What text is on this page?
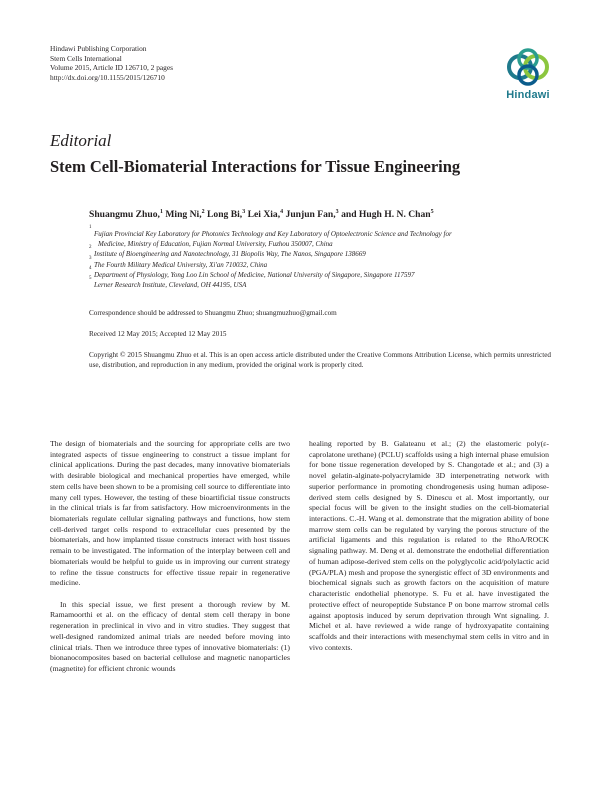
Hindawi Publishing Corporation
Stem Cells International
Volume 2015, Article ID 126710, 2 pages
http://dx.doi.org/10.1155/2015/126710
Hindawi
Editorial
Stem Cell-Biomaterial Interactions for Tissue Engineering
Shuangmu Zhuo,$^1$ Ming Ni,$^2$ Long Bi,$^3$ Lei Xia,$^4$ Junjun Fan,$^3$ and Hugh H. N. Chan$^5$
1
Fujian Provincial Key Laboratory for Photonics Technology and Key Laboratory of Optoelectronic Science and Technology for
Medicine, Ministry of Education, Fujian Normal University, Fuzhou 350007, China
2
Institute of Bioengineering and Nanotechnology, 31 Biopolis Way, The Nanos, Singapore 138669
3
The Fourth Military Medical University, Xi'an 710032, China
4
Department of Physiology, Yong Loo Lin School of Medicine, National University of Singapore, Singapore 117597
5
Lerner Research Institute, Cleveland, OH 44195, USA
Correspondence should be addressed to Shuangmu Zhuo; shuangmuzhuo@gmail.com
Received 12 May 2015; Accepted 12 May 2015
Copyright © 2015 Shuangmu Zhuo et al. This is an open access article distributed under the Creative Commons Attribution License, which permits unrestricted use, distribution, and reproduction in any medium, provided the original work is properly cited.

The design of biomaterials and the sourcing for appropriate cells are two integrated aspects of tissue engineering to construct a tissue implant for clinical applications. During the past decades, many innovative biomaterials with desirable biological and mechanical properties have emerged, while stem cells have been shown to be a promising cell source to differentiate into many cell types. However, the testing of these bioartificial tissue constructs in the clinical trials is far from satisfactory. How microenvironments in the biomaterials regulate cellular signaling pathways and functions, how stem cell-derived target cells respond to extracellular cues presented by the biomaterials, and how implanted tissue constructs interact with host tissues remain to be investigated. The information of the interplay between cell and biomaterials would be helpful to guide us in improving our current strategy to refine the tissue constructs for effective tissue repair in regenerative medicine.

In this special issue, we first present a thorough review by M. Ramamoorthi et al. on the efficacy of dental stem cell therapy in bone regeneration in preclinical in vivo and in vitro studies. They suggest that well-designed randomized animal trials are needed before moving into clinical trials. Then we introduce three types of innovative biomaterials: (1) bionanocomposites based on bacterial cellulose and magnetic nanoparticles (magnetite) for efficient chronic wounds

healing reported by B. Galateanu et al.; (2) the elastomeric poly(ε-caprolatone urethane) (PCLU) scaffolds using a high internal phase emulsion for bone tissue regeneration developed by S. Changotade et al.; and (3) a novel gelatin-alginate-polyacrylamide 3D interpenetrating network with superior performance in promoting chondrogenesis using human adipose-derived stem cells designed by S. Dinescu et al. Most importantly, our special focus will be given to the insight studies on the cell-biomaterial interactions. C.-H. Wang et al. demonstrate that the migration ability of bone marrow stem cells can be regulated by varying the porous structure of the artificial ligaments and this regulation is related to the RhoA/ROCK signaling pathway. M. Deng et al. demonstrate the endothelial differentiation of human adipose-derived stem cells on the polyglycolic acid/polylactic acid (PGA/PLA) mesh and propose the synergistic effect of 3D environments and biochemical signals such as growth factors on the acquisition of mature characteristic endothelial phenotype. S. Fu et al. have investigated the protective effect of neuropeptide Substance P on bone marrow stromal cells against apoptosis induced by serum deprivation through Wnt signaling. J. Michel et al. have reviewed a wide range of hydroxyapatite containing scaffolds and their interactions with mesenchymal stem cells in vitro and in vivo contexts.
